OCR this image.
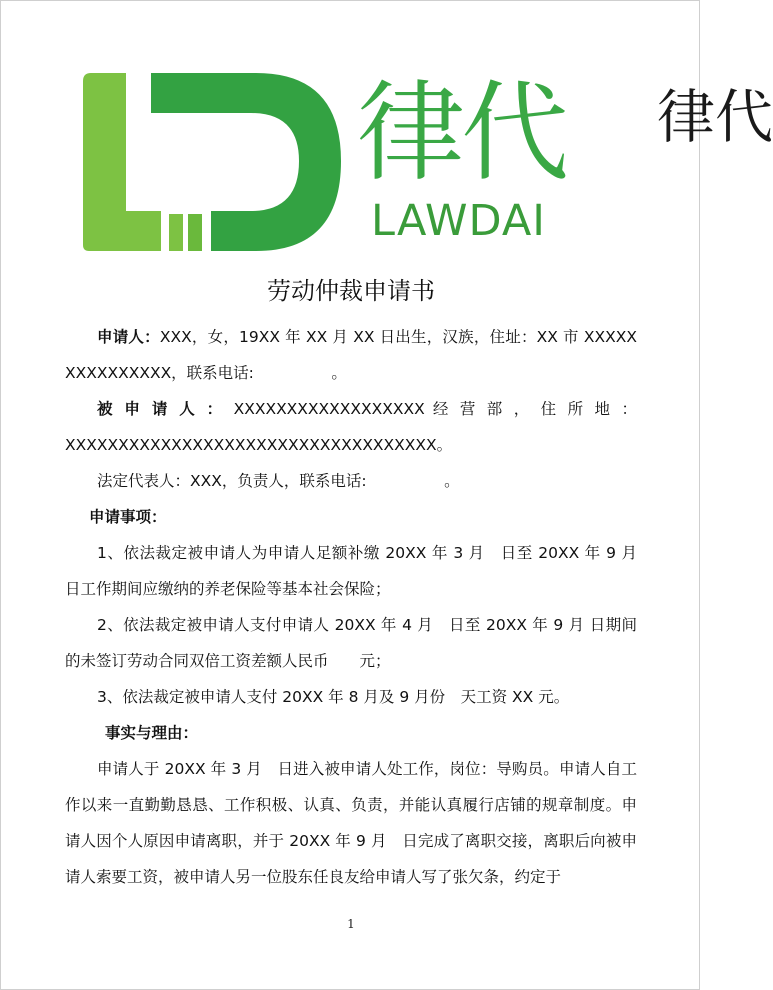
律代
LAWDAI
律代
劳动仲裁申请书

申请人：XXX，女，19XX 年 XX 月 XX 日出生，汉族，住址：XX 市 XXXXXXXXXXXXXXX，联系电话:　　　　　。

被 申 请 人 ： XXXXXXXXXXXXXXXXXX 经 营 部 ， 住 所 地 ：

XXXXXXXXXXXXXXXXXXXXXXXXXXXXXXXXXXX。

法定代表人：XXX，负责人，联系电话:　　　　　。

申请事项：

1、依法裁定被申请人为申请人足额补缴 20XX 年 3 月　日至 20XX 年 9 月　日工作期间应缴纳的养老保险等基本社会保险；

2、依法裁定被申请人支付申请人 20XX 年 4 月　日至 20XX 年 9 月 日期间的未签订劳动合同双倍工资差额人民币　　元；

3、依法裁定被申请人支付 20XX 年 8 月及 9 月份　天工资 XX 元。

事实与理由：

申请人于 20XX 年 3 月　日进入被申请人处工作，岗位：导购员。申请人自工作以来一直勤勤恳恳、工作积极、认真、负责，并能认真履行店铺的规章制度。申请人因个人原因申请离职，并于 20XX 年 9 月　日完成了离职交接，离职后向被申请人索要工资，被申请人另一位股东任良友给申请人写了张欠条，约定于

1
